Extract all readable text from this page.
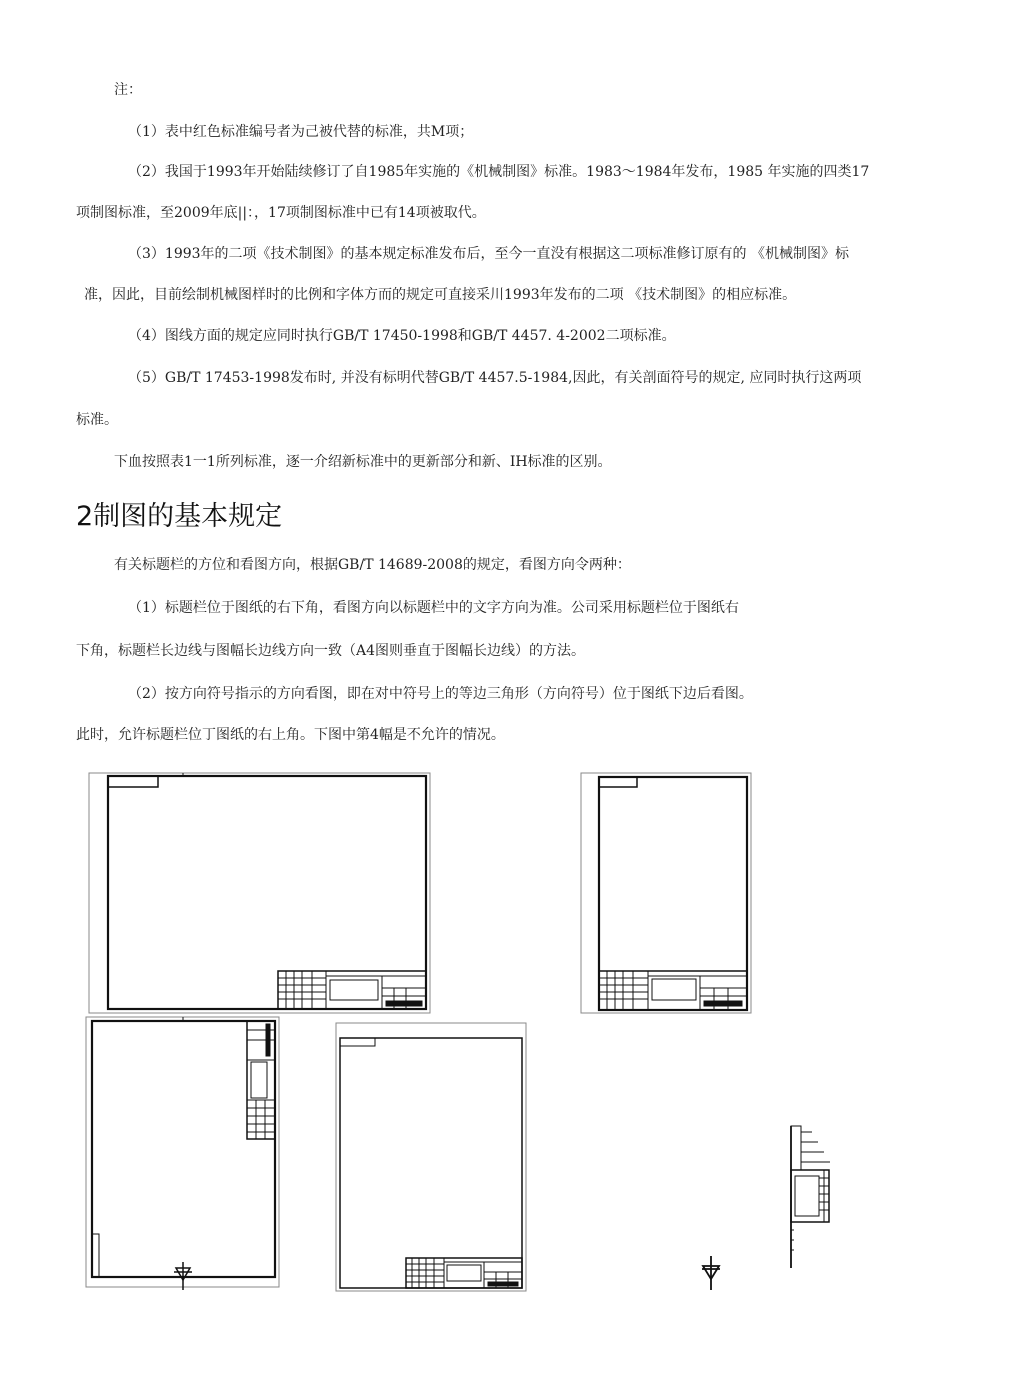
注：
（1）表中红色标准编号者为己被代替的标准，共M项；
（2）我国于1993年开始陆续修订了自1985年实施的《机械制图》标准。1983～1984年发布，1985 年实施的四类17
项制图标准，至2009年底||：，17项制图标准中已有14项被取代。
（3）1993年的二项《技术制图》的基本规定标准发布后，至今一直没有根据这二项标准修订原有的 《机械制图》标
准，因此，目前绘制机械图样时的比例和字体方而的规定可直接采川1993年发布的二项 《技术制图》的相应标准。
（4）图线方面的规定应同时执行GB/T 17450-1998和GB/T 4457. 4-2002二项标准。
（5）GB/T 17453-1998发布时, 并没有标明代替GB/T 4457.5-1984,因此，有关剖面符号的规定, 应同时执行这两项
标准。
下血按照表1一1所列标准，逐一介绍新标准中的更新部分和新、IH标准的区别。
2制图的基本规定
有关标题栏的方位和看图方向，根据GB/T 14689-2008的规定，看图方向令两种：
（1）标题栏位于图纸的右下角，看图方向以标题栏中的文字方向为准。公司采用标题栏位于图纸右
下角，标题栏长边线与图幅长边线方向一致（A4图则垂直于图幅长边线）的方法。
（2）按方向符号指示的方向看图，即在对中符号上的等边三角形（方向符号）位于图纸下边后看图。
此时，允许标题栏位丁图纸的右上角。下图中第4幅是不允许的情况。
